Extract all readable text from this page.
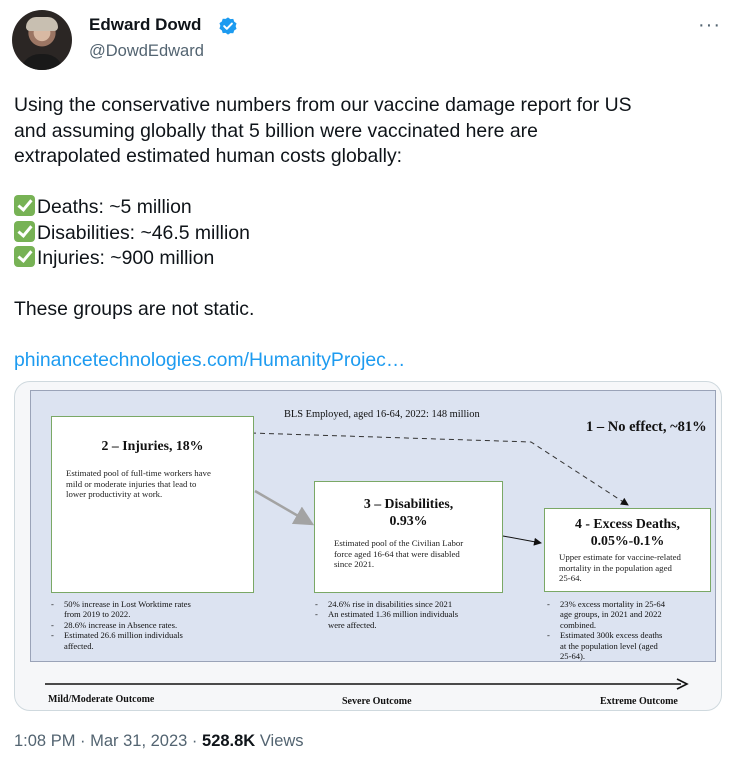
Edward Dowd
@DowdEdward
···

Using the conservative numbers from our vaccine damage report for US

and assuming globally that 5 billion were vaccinated here are

extrapolated estimated human costs globally:

Deaths: ~5 million

Disabilities: ~46.5 million

Injuries: ~900 million

These groups are not static.

phinancetechnologies.com/HumanityProjec…

BLS Employed, aged 16-64, 2022: 148 million
1 – No effect, ~81%
2 – Injuries, 18%
Estimated pool of full-time workers have
mild or moderate injuries that lead to
lower productivity at work.
- 50% increase in Lost Worktime rates
from 2019 to 2022.
- 28.6% increase in Absence rates.
- Estimated 26.6 million individuals
affected.
3 – Disabilities,
0.93%
Estimated pool of the Civilian Labor
force aged 16-64 that were disabled
since 2021.
- 24.6% rise in disabilities since 2021
- An estimated 1.36 million individuals
were affected.
4 - Excess Deaths,
0.05%-0.1%
Upper estimate for vaccine-related
mortality in the population aged
25-64.
- 23% excess mortality in 25-64
age groups, in 2021 and 2022
combined.
- Estimated 300k excess deaths
at the population level (aged
25-64).
Mild/Moderate Outcome	Severe Outcome	Extreme Outcome
1:08 PM · Mar 31, 2023 · 528.8K Views
